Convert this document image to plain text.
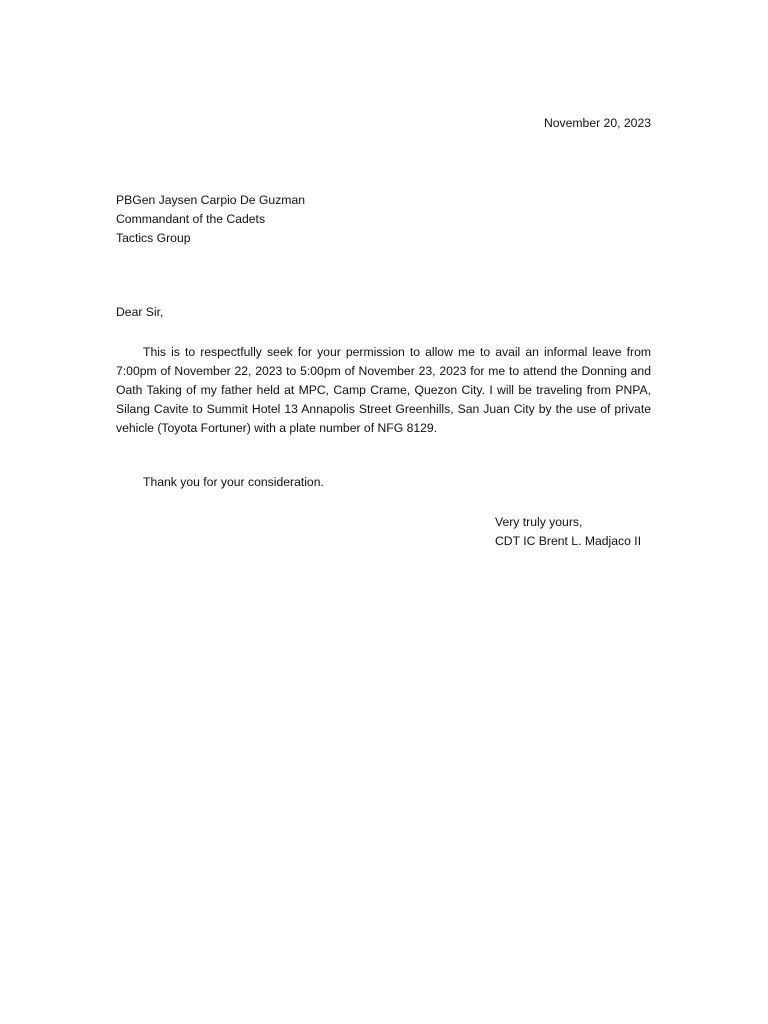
November 20, 2023
PBGen Jaysen Carpio De Guzman
Commandant of the Cadets
Tactics Group
Dear Sir,

This is to respectfully seek for your permission to allow me to avail an informal leave from 7:00pm of November 22, 2023 to 5:00pm of November 23, 2023 for me to attend the Donning and Oath Taking of my father held at MPC, Camp Crame, Quezon City. I will be traveling from PNPA, Silang Cavite to Summit Hotel 13 Annapolis Street Greenhills, San Juan City by the use of private vehicle (Toyota Fortuner) with a plate number of NFG 8129.

Thank you for your consideration.
Very truly yours,
CDT IC Brent L. Madjaco II
